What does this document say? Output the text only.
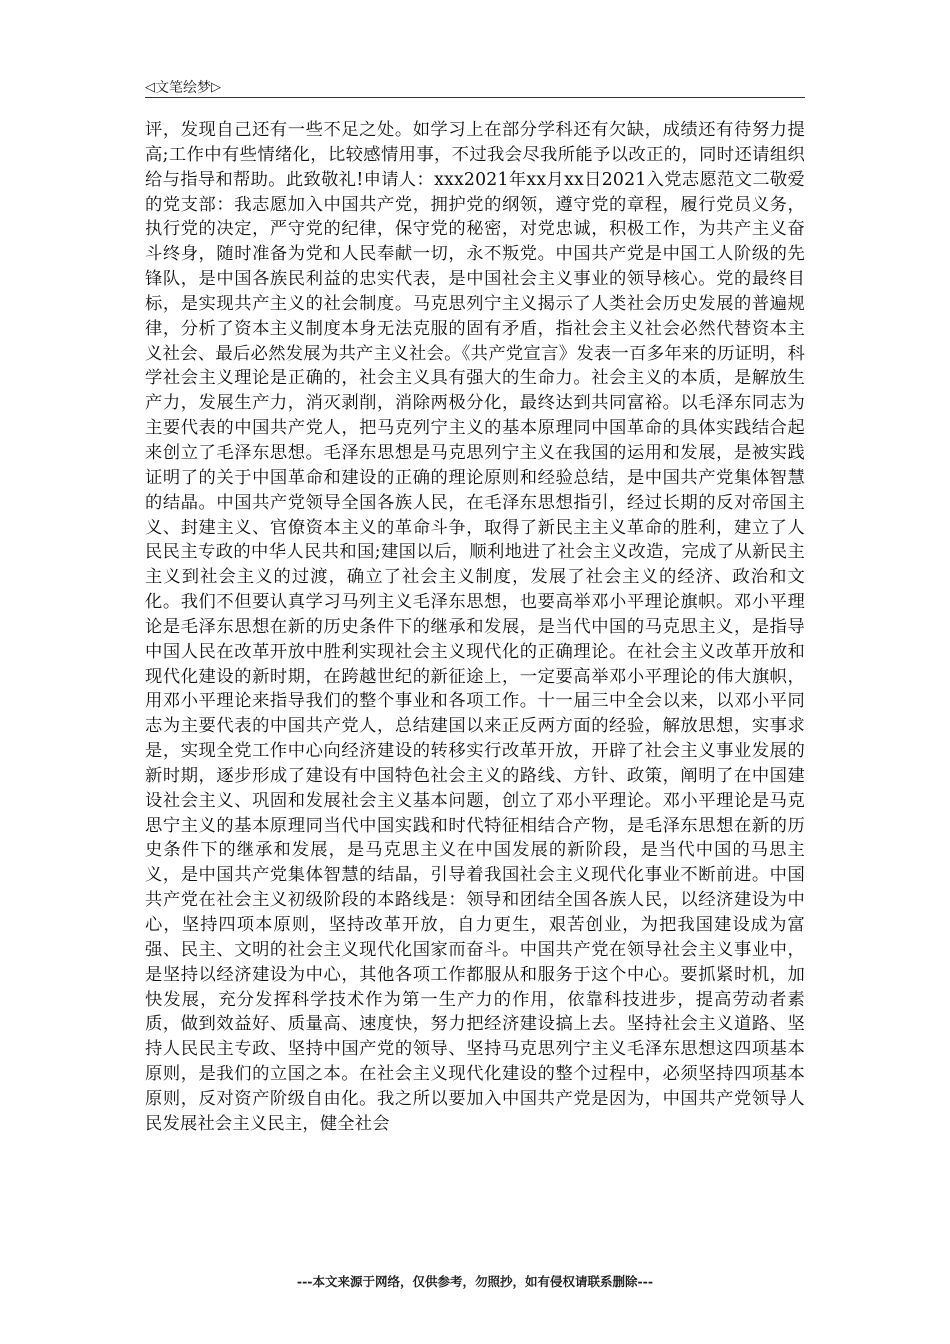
◁ 文笔绘梦 ▷

评，发现自己还有一些不足之处。如学习上在部分学科还有欠缺，成绩还有待努力提高;工作中有些情绪化，比较感情用事，不过我会尽我所能予以改正的，同时还请组织给与指导和帮助。此致敬礼!申请人：xxx2021年xx月xx日2021入党志愿范文二敬爱的党支部：我志愿加入中国共产党，拥护党的纲领，遵守党的章程，履行党员义务，执行党的决定，严守党的纪律，保守党的秘密，对党忠诚，积极工作，为共产主义奋斗终身，随时准备为党和人民奉献一切，永不叛党。中国共产党是中国工人阶级的先锋队，是中国各族民利益的忠实代表，是中国社会主义事业的领导核心。党的最终目标，是实现共产主义的社会制度。马克思列宁主义揭示了人类社会历史发展的普遍规律，分析了资本主义制度本身无法克服的固有矛盾，指社会主义社会必然代替资本主义社会、最后必然发展为共产主义社会。《共产党宣言》发表一百多年来的历证明，科学社会主义理论是正确的，社会主义具有强大的生命力。社会主义的本质，是解放生产力，发展生产力，消灭剥削，消除两极分化，最终达到共同富裕。以毛泽东同志为主要代表的中国共产党人，把马克列宁主义的基本原理同中国革命的具体实践结合起来创立了毛泽东思想。毛泽东思想是马克思列宁主义在我国的运用和发展，是被实践证明了的关于中国革命和建设的正确的理论原则和经验总结，是中国共产党集体智慧的结晶。中国共产党领导全国各族人民，在毛泽东思想指引，经过长期的反对帝国主义、封建主义、官僚资本主义的革命斗争，取得了新民主主义革命的胜利，建立了人民民主专政的中华人民共和国;建国以后，顺利地进了社会主义改造，完成了从新民主主义到社会主义的过渡，确立了社会主义制度，发展了社会主义的经济、政治和文化。我们不但要认真学习马列主义毛泽东思想，也要高举邓小平理论旗帜。邓小平理论是毛泽东思想在新的历史条件下的继承和发展，是当代中国的马克思主义，是指导中国人民在改革开放中胜利实现社会主义现代化的正确理论。在社会主义改革开放和现代化建设的新时期，在跨越世纪的新征途上，一定要高举邓小平理论的伟大旗帜，用邓小平理论来指导我们的整个事业和各项工作。十一届三中全会以来，以邓小平同志为主要代表的中国共产党人，总结建国以来正反两方面的经验，解放思想，实事求是，实现全党工作中心向经济建设的转移实行改革开放，开辟了社会主义事业发展的新时期，逐步形成了建设有中国特色社会主义的路线、方针、政策，阐明了在中国建设社会主义、巩固和发展社会主义基本问题，创立了邓小平理论。邓小平理论是马克思宁主义的基本原理同当代中国实践和时代特征相结合产物，是毛泽东思想在新的历史条件下的继承和发展，是马克思主义在中国发展的新阶段，是当代中国的马思主义，是中国共产党集体智慧的结晶，引导着我国社会主义现代化事业不断前进。中国共产党在社会主义初级阶段的本路线是：领导和团结全国各族人民，以经济建设为中心，坚持四项本原则，坚持改革开放，自力更生，艰苦创业，为把我国建设成为富强、民主、文明的社会主义现代化国家而奋斗。中国共产党在领导社会主义事业中，是坚持以经济建设为中心，其他各项工作都服从和服务于这个中心。要抓紧时机，加快发展，充分发挥科学技术作为第一生产力的作用，依靠科技进步，提高劳动者素质，做到效益好、质量高、速度快，努力把经济建设搞上去。坚持社会主义道路、坚持人民民主专政、坚持中国产党的领导、坚持马克思列宁主义毛泽东思想这四项基本原则，是我们的立国之本。在社会主义现代化建设的整个过程中，必须坚持四项基本原则，反对资产阶级自由化。我之所以要加入中国共产党是因为，中国共产党领导人民发展社会主义民主，健全社会

---本文来源于网络，仅供参考，勿照抄，如有侵权请联系删除---
